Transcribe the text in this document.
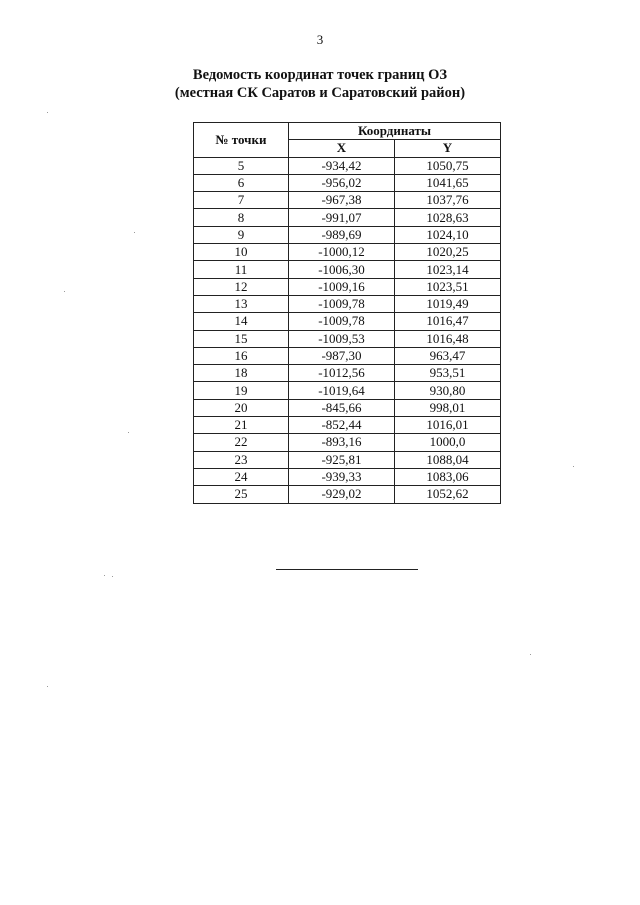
3
Ведомость координат точек границ ОЗ
(местная СК Саратов и Саратовский район)
№ точки	Координаты	
	X	Y
5	-934,42	1050,75
6	-956,02	1041,65
7	-967,38	1037,76
8	-991,07	1028,63
9	-989,69	1024,10
10	-1000,12	1020,25
11	-1006,30	1023,14
12	-1009,16	1023,51
13	-1009,78	1019,49
14	-1009,78	1016,47
15	-1009,53	1016,48
16	-987,30	963,47
18	-1012,56	953,51
19	-1019,64	930,80
20	-845,66	998,01
21	-852,44	1016,01
22	-893,16	1000,0
23	-925,81	1088,04
24	-939,33	1083,06
25	-929,02	1052,62
